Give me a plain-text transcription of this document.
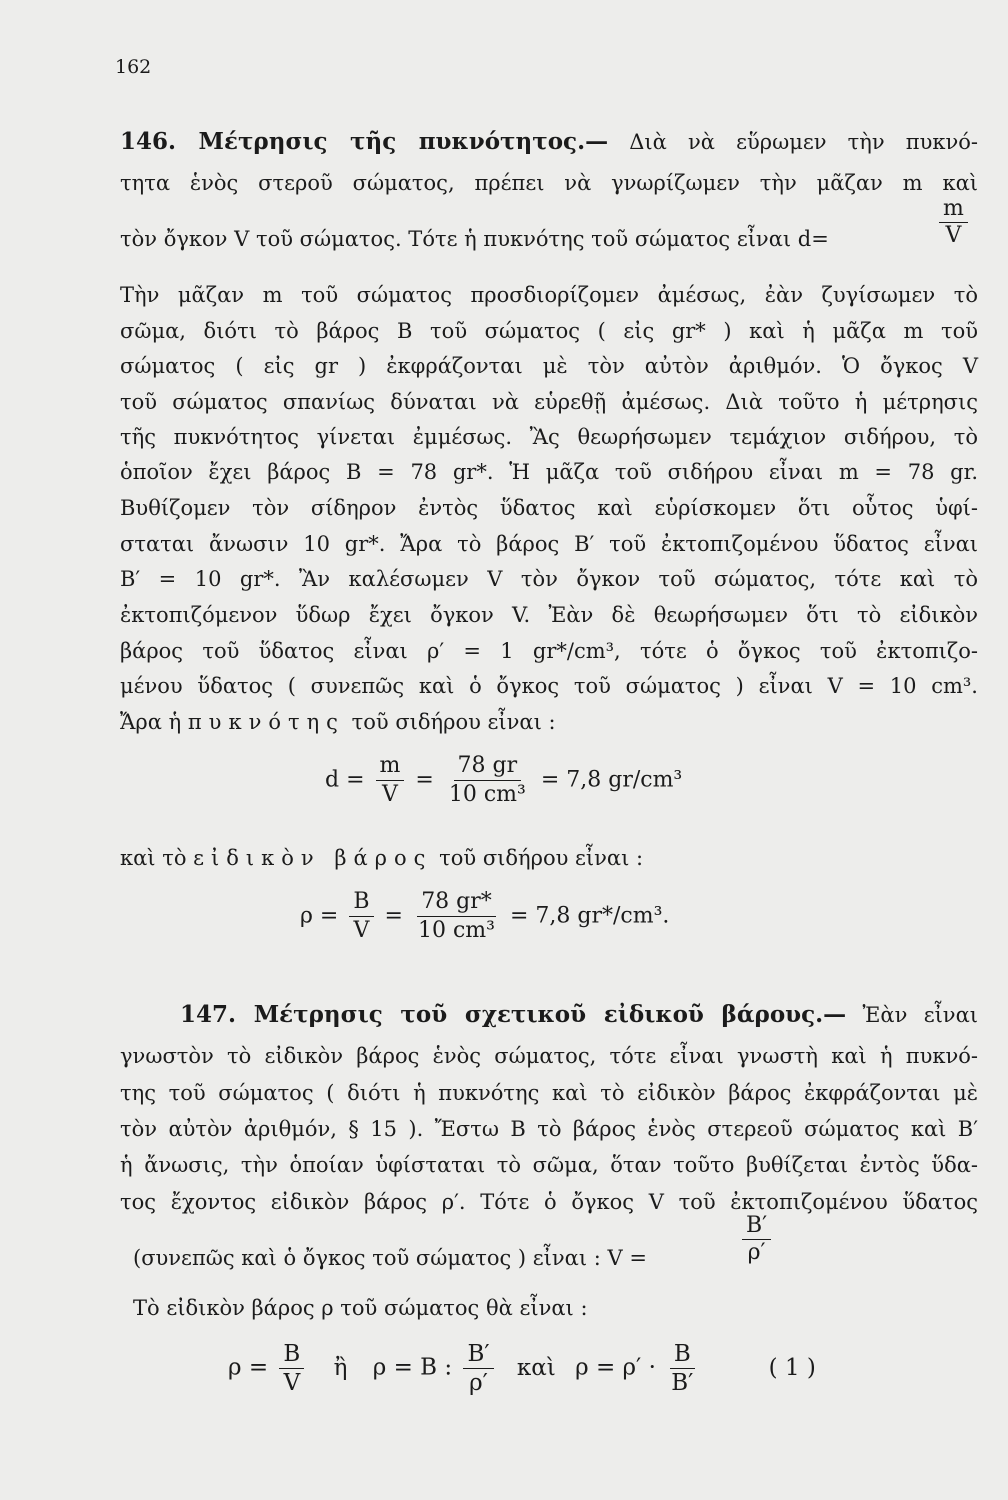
162
146. Μέτρησις τῆς πυκνότητος.— Διὰ νὰ εὕρωμεν τὴν πυκνό-
τητα ἑνὸς στεροῦ σώματος, πρέπει νὰ γνωρίζωμεν τὴν μᾶζαν m καὶ
τὸν ὄγκον V τοῦ σώματος. Τότε ἡ πυκνότης τοῦ σώματος εἶναι d=	$\frac{m}{V}$
Τὴν μᾶζαν m τοῦ σώματος προσδιορίζομεν ἀμέσως, ἐὰν ζυγίσωμεν τὸ
σῶμα, διότι τὸ βάρος B τοῦ σώματος ( εἰς gr* ) καὶ ἡ μᾶζα m τοῦ
σώματος ( εἰς gr ) ἐκφράζονται μὲ τὸν αὐτὸν ἀριθμόν. Ὁ ὄγκος V
τοῦ σώματος σπανίως δύναται νὰ εὑρεθῇ ἀμέσως. Διὰ τοῦτο ἡ μέτρησις
τῆς πυκνότητος γίνεται ἐμμέσως. Ἂς θεωρήσωμεν τεμάχιον σιδήρου, τὸ
ὁποῖον ἔχει βάρος B = 78 gr*. Ἡ μᾶζα τοῦ σιδήρου εἶναι m = 78 gr.
Βυθίζομεν τὸν σίδηρον ἐντὸς ὕδατος καὶ εὑρίσκομεν ὅτι οὗτος ὑφί-
σταται ἄνωσιν 10 gr*. Ἄρα τὸ βάρος B′ τοῦ ἐκτοπιζομένου ὕδατος εἶναι
B′ = 10 gr*. Ἂν καλέσωμεν V τὸν ὄγκον τοῦ σώματος, τότε καὶ τὸ
ἐκτοπιζόμενον ὕδωρ ἔχει ὄγκον V. Ἐὰν δὲ θεωρήσωμεν ὅτι τὸ εἰδικὸν
βάρος τοῦ ὕδατος εἶναι ρ′ = 1 gr*/cm³, τότε ὁ ὄγκος τοῦ ἐκτοπιζο-
μένου ὕδατος ( συνεπῶς καὶ ὁ ὄγκος τοῦ σώματος ) εἶναι V = 10 cm³.
Ἄρα ἡ πυκνότης τοῦ σιδήρου εἶναι :
$d = \frac{m}{V} = \frac{78 gr}{\text{10 cm³}} = 7,8$ gr/cm³
καὶ τὸ εἰδικὸν βάρος τοῦ σιδήρου εἶναι :
$\rho = \frac{B}{V} = \frac{78 gr*}{\text{10 cm³}} = 7,8$ gr*/cm³.
147. Μέτρησις τοῦ σχετικοῦ εἰδικοῦ βάρους.— Ἐὰν εἶναι
γνωστὸν τὸ εἰδικὸν βάρος ἑνὸς σώματος, τότε εἶναι γνωστὴ καὶ ἡ πυκνό-
της τοῦ σώματος ( διότι ἡ πυκνότης καὶ τὸ εἰδικὸν βάρος ἐκφράζονται μὲ
τὸν αὐτὸν ἀριθμόν, § 15 ). Ἔστω B τὸ βάρος ἑνὸς στερεοῦ σώματος καὶ B′
ἡ ἄνωσις, τὴν ὁποίαν ὑφίσταται τὸ σῶμα, ὅταν τοῦτο βυθίζεται ἐντὸς ὕδα-
τος ἔχοντος εἰδικὸν βάρος ρ′. Τότε ὁ ὄγκος V τοῦ ἐκτοπιζομένου ὕδατος
(συνεπῶς καὶ ὁ ὄγκος τοῦ σώματος ) εἶναι : V =	$\frac{B'}{\rho'}$
Τὸ εἰδικὸν βάρος ρ τοῦ σώματος θὰ εἶναι :
$\rho = \frac{B}{V}$ ἢ ρ = B : $\frac{B'}{\rho'}$ καὶ $\rho = \rho' \cdot \frac{B}{B'}$	( 1 )
